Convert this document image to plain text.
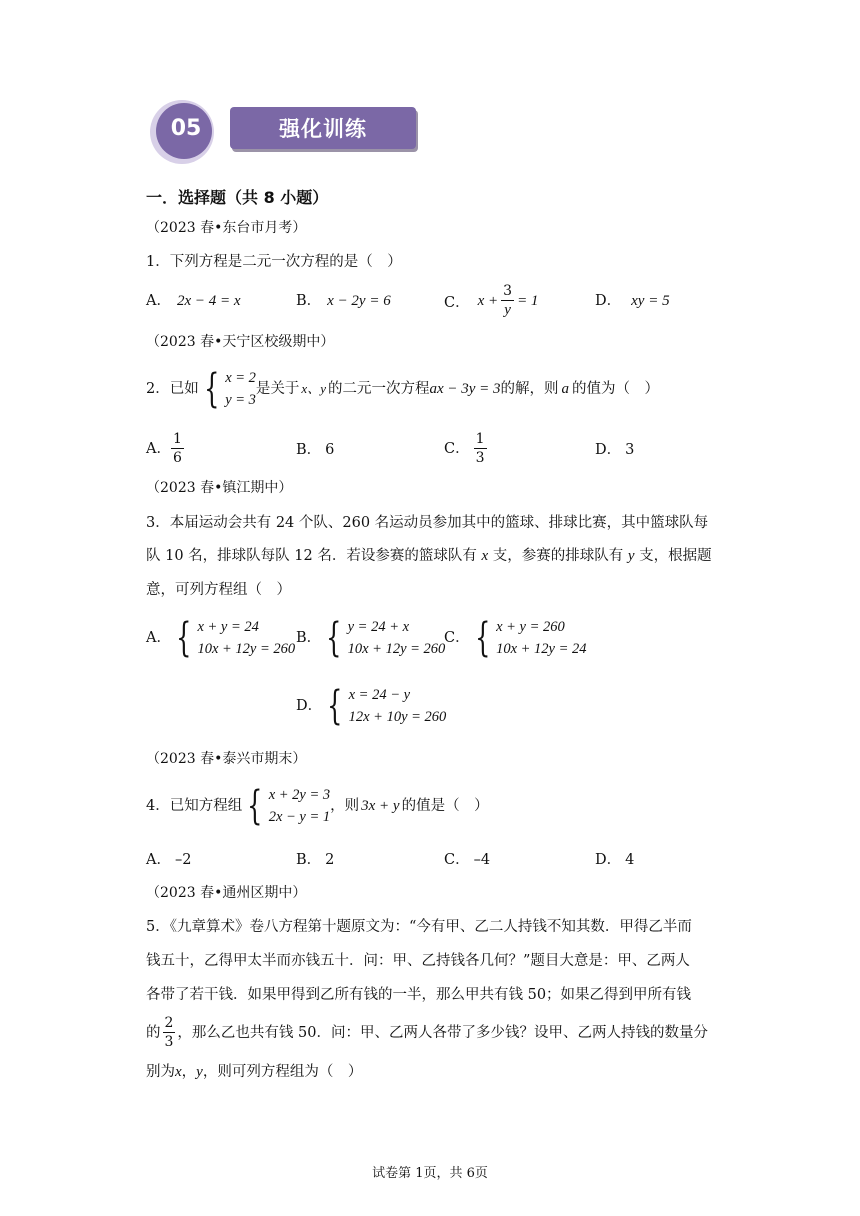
05	强化训练
一．选择题（共 8 小题）
（2023 春•东台市月考）
1．下列方程是二元一次方程的是（　）
A． 2x − 4 = x	B． x − 2y = 6	C． $x + \frac{3}{y} = 1$	D． xy = 5
（2023 春•天宁区校级期中）
2．已如 { x = 2
y = 3
是关于 x、y 的二元一次方程 ax − 3y = 3 的解，则 a 的值为（　）
A． $\frac{1}{6}$	B． 6	C． $\frac{1}{3}$	D． 3
（2023 春•镇江期中）
3．本届运动会共有 24 个队、260 名运动员参加其中的篮球、排球比赛，其中篮球队每
队 10 名，排球队每队 12 名．若设参赛的篮球队有 x 支，参赛的排球队有 y 支，根据题
意，可列方程组（　）
A． { x + y = 24
10x + 12y = 260
B． { y = 24 + x
10x + 12y = 260
C． { x + y = 260
10x + 12y = 24
D． { x = 24 − y
12x + 10y = 260
（2023 春•泰兴市期末）
4．已知方程组 { x + 2y = 3
2x − y = 1
，则 3x + y 的值是（　）
A． –2	B． 2	C． –4	D． 4
（2023 春•通州区期中）
5．《九章算术》卷八方程第十题原文为：“今有甲、乙二人持钱不知其数．甲得乙半而
钱五十，乙得甲太半而亦钱五十．问：甲、乙持钱各几何？”题目大意是：甲、乙两人
各带了若干钱．如果甲得到乙所有钱的一半，那么甲共有钱 50；如果乙得到甲所有钱
的 $\frac{2}{3}$ ，那么乙也共有钱 50．问：甲、乙两人各带了多少钱？设甲、乙两人持钱的数量分
别为x，y，则可列方程组为（　）
试卷第 1页，共 6页
